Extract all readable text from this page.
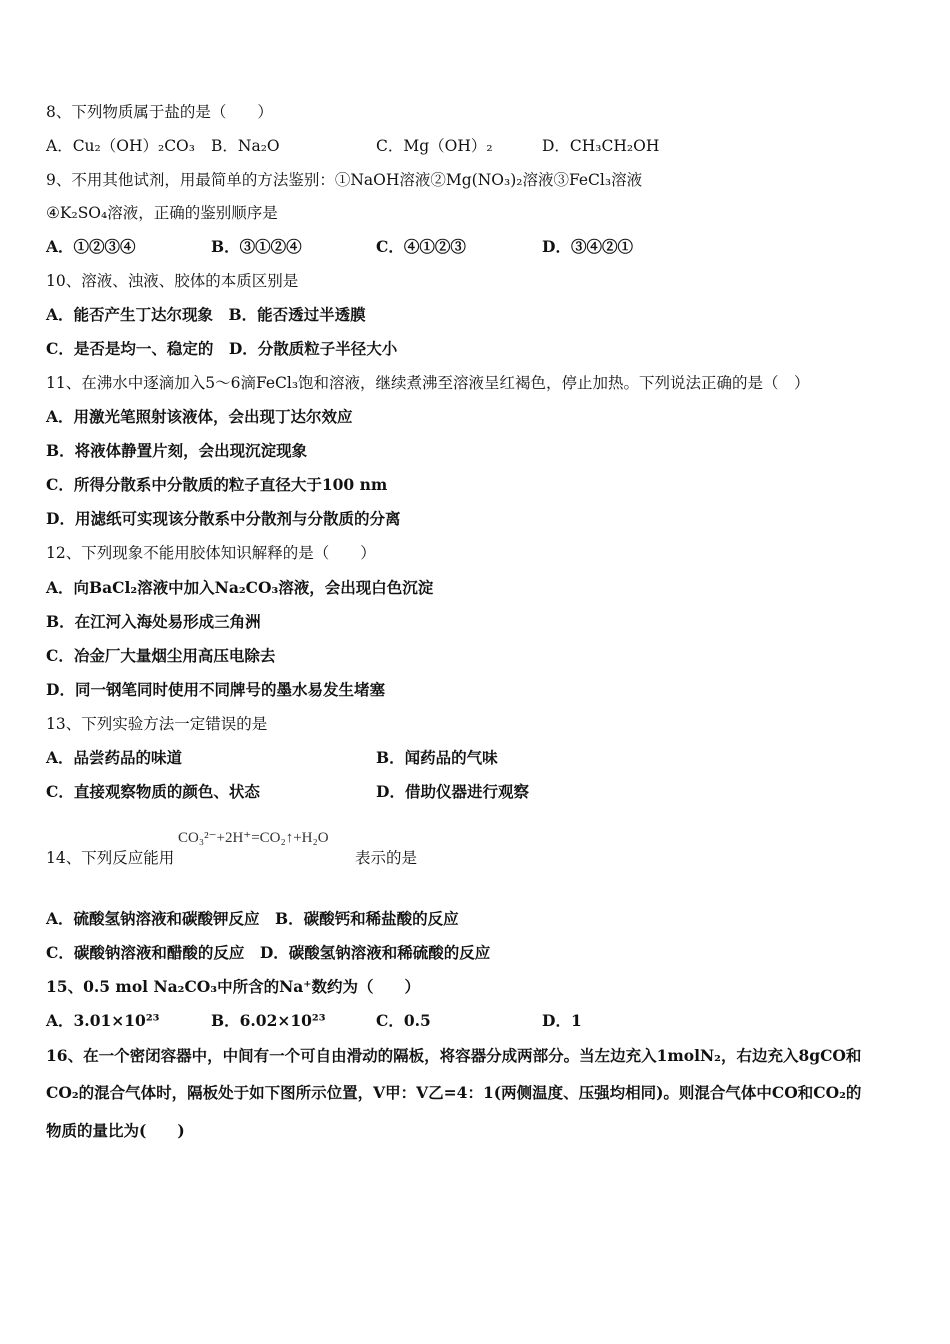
8、下列物质属于盐的是（　　）
A．Cu₂（OH）₂CO₃ B．Na₂O	C．Mg（OH）₂	D．CH₃CH₂OH
9、不用其他试剂，用最简单的方法鉴别：①NaOH溶液②Mg(NO₃)₂溶液③FeCl₃溶液
④K₂SO₄溶液，正确的鉴别顺序是
A．①②③④	B．③①②④	C．④①②③	D．③④②①
10、溶液、浊液、胶体的本质区别是
A．能否产生丁达尔现象　B．能否透过半透膜
C．是否是均一、稳定的　D．分散质粒子半径大小
11、在沸水中逐滴加入5～6滴FeCl₃饱和溶液，继续煮沸至溶液呈红褐色，停止加热。下列说法正确的是（　）
A．用激光笔照射该液体，会出现丁达尔效应
B．将液体静置片刻，会出现沉淀现象
C．所得分散系中分散质的粒子直径大于100 nm
D．用滤纸可实现该分散系中分散剂与分散质的分离
12、下列现象不能用胶体知识解释的是（　　）
A．向BaCl₂溶液中加入Na₂CO₃溶液，会出现白色沉淀
B．在江河入海处易形成三角洲
C．冶金厂大量烟尘用高压电除去
D．同一钢笔同时使用不同牌号的墨水易发生堵塞
13、下列实验方法一定错误的是
A．品尝药品的味道	B．闻药品的气味
C．直接观察物质的颜色、状态	D．借助仪器进行观察
14、下列反应能用
CO₃²⁻+2H⁺=CO₂↑+H₂O
表示的是
A．硫酸氢钠溶液和碳酸钾反应　B．碳酸钙和稀盐酸的反应
C．碳酸钠溶液和醋酸的反应　D．碳酸氢钠溶液和稀硫酸的反应
15、0.5 mol Na₂CO₃中所含的Na⁺数约为（　　）
A．3.01×10²³	B．6.02×10²³	C．0.5	D．1
16、在一个密闭容器中，中间有一个可自由滑动的隔板，将容器分成两部分。当左边充入1molN₂，右边充入8gCO和
CO₂的混合气体时，隔板处于如下图所示位置，V甲：V乙=4：1(两侧温度、压强均相同)。则混合气体中CO和CO₂的
物质的量比为(　　)
